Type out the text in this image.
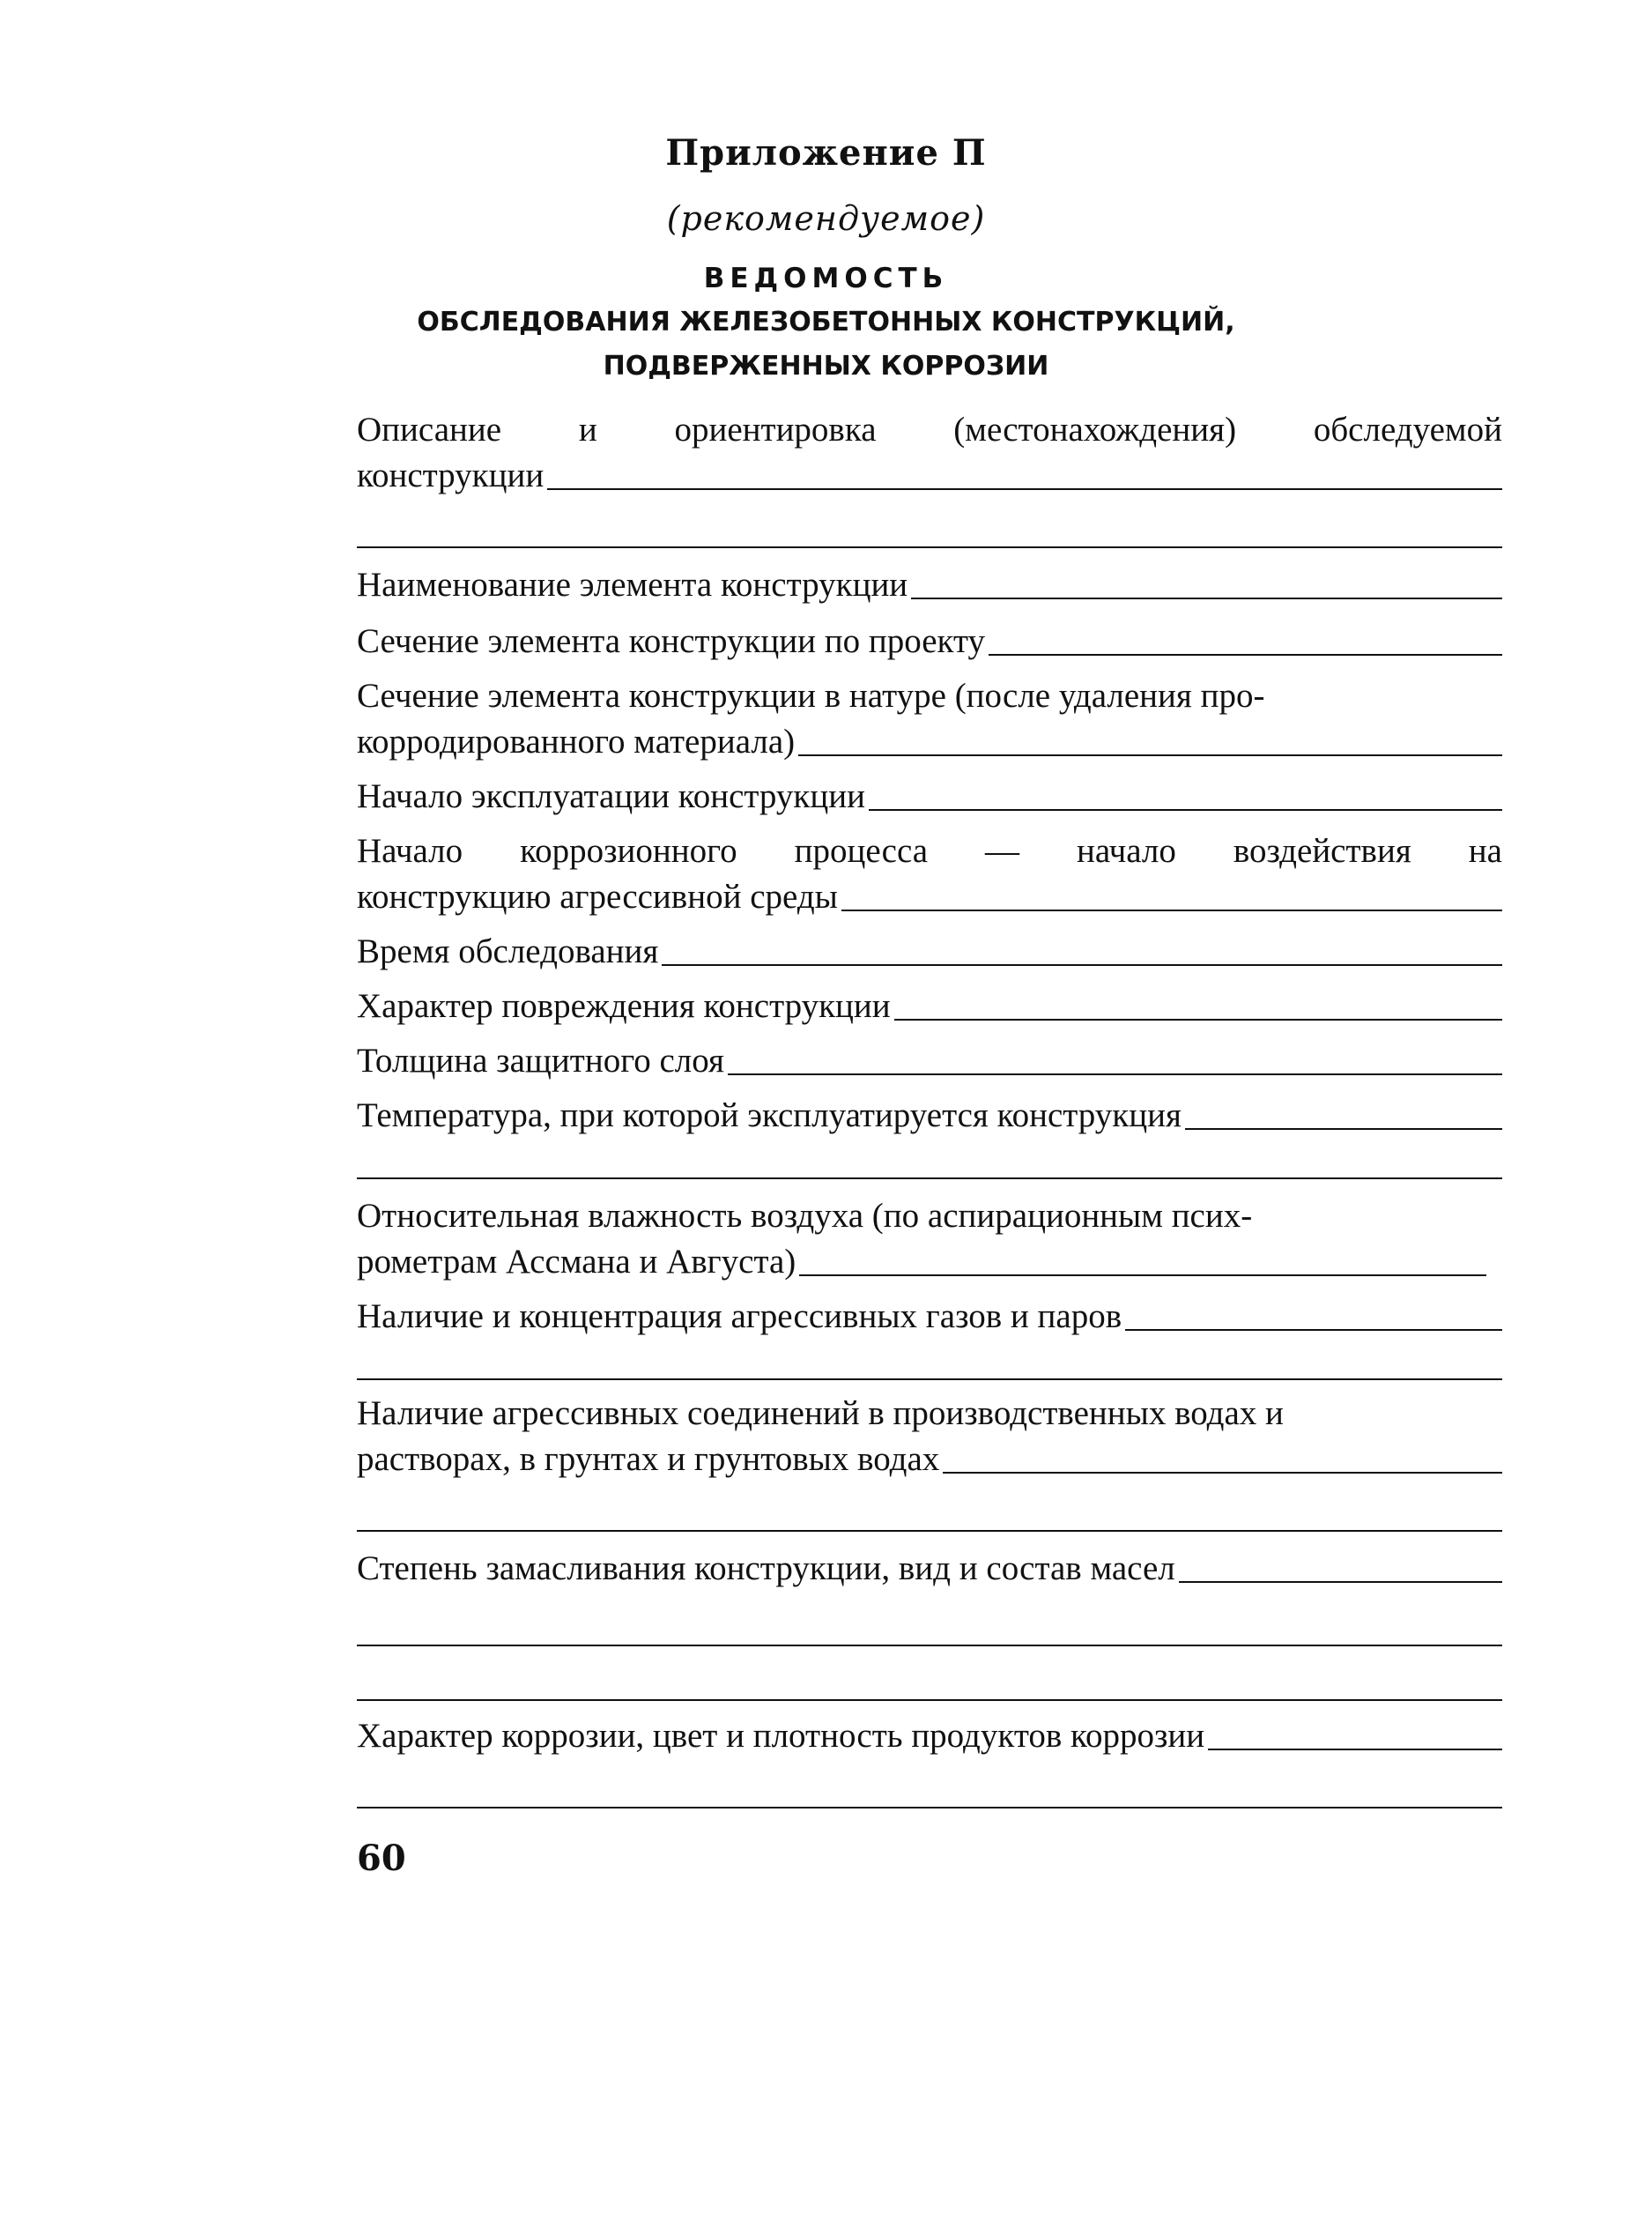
Приложение П
(рекомендуемое)
ВЕДОМОСТЬ
ОБСЛЕДОВАНИЯ ЖЕЛЕЗОБЕТОННЫХ КОНСТРУКЦИЙ,
ПОДВЕРЖЕННЫХ КОРРОЗИИ
Описание и ориентировка (местонахождения) обследуемой
конструкции
Наименование элемента конструкции
Сечение элемента конструкции по проекту
Сечение элемента конструкции в натуре (после удаления про-
корродированного материала)
Начало эксплуатации конструкции
Начало коррозионного процесса — начало воздействия на
конструкцию агрессивной среды
Время обследования
Характер повреждения конструкции
Толщина защитного слоя
Температура, при которой эксплуатируется конструкция
Относительная влажность воздуха (по аспирационным псих-
рометрам Ассмана и Августа)
Наличие и концентрация агрессивных газов и паров
Наличие агрессивных соединений в производственных водах и
растворах, в грунтах и грунтовых водах
Степень замасливания конструкции, вид и состав масел
Характер коррозии, цвет и плотность продуктов коррозии
60
